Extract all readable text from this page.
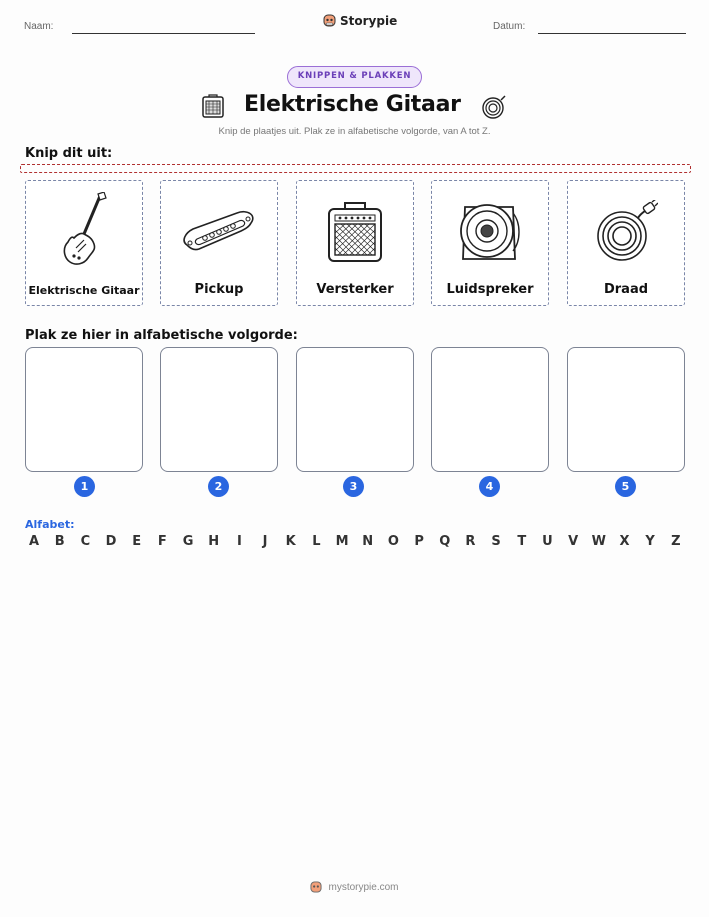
Naam:	Storypie	Datum:
KNIPPEN & PLAKKEN
Elektrische Gitaar
Knip de plaatjes uit. Plak ze in alfabetische volgorde, van A tot Z.
Knip dit uit:
Elektrische Gitaar	Pickup	Versterker	Luidspreker	Draad
Plak ze hier in alfabetische volgorde:
1	2	3	4	5
Alfabet:
A	B	C	D	E	F	G H	I	J	K	L	M N O	P	Q	R	S	T	U	V	W	X	Y	Z
mystorypie.com
